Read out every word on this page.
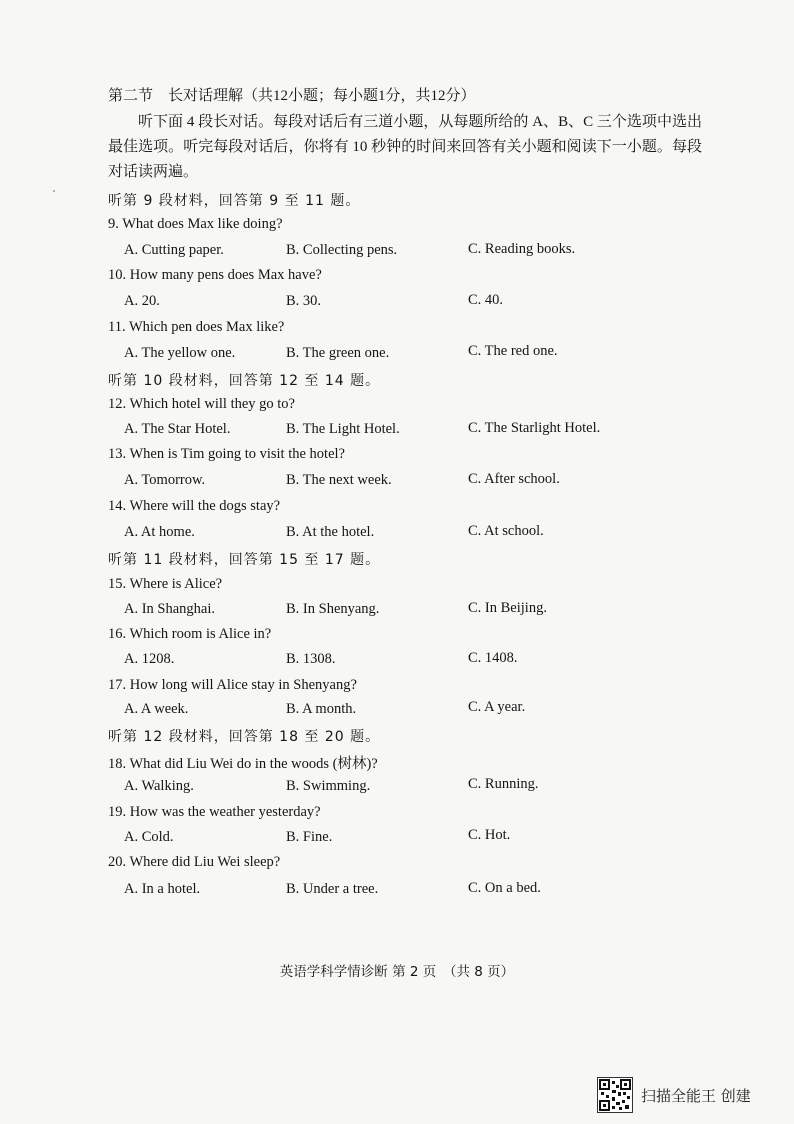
第二节　长对话理解（共12小题；每小题1分，共12分）
听下面 4 段长对话。每段对话后有三道小题，从每题所给的 A、B、C 三个选项中选出最佳选项。听完每段对话后，你将有 10 秒钟的时间来回答有关小题和阅读下一小题。每段对话读两遍。
听第 9 段材料，回答第 9 至 11 题。
9. What does Max like doing?
A. Cutting paper.	B. Collecting pens.	C. Reading books.
10. How many pens does Max have?
A. 20.	B. 30.	C. 40.
11. Which pen does Max like?
A. The yellow one.	B. The green one.	C. The red one.
听第 10 段材料，回答第 12 至 14 题。
12. Which hotel will they go to?
A. The Star Hotel.	B. The Light Hotel.	C. The Starlight Hotel.
13. When is Tim going to visit the hotel?
A. Tomorrow.	B. The next week.	C. After school.
14. Where will the dogs stay?
A. At home.	B. At the hotel.	C. At school.
听第 11 段材料，回答第 15 至 17 题。
15. Where is Alice?
A. In Shanghai.	B. In Shenyang.	C. In Beijing.
16. Which room is Alice in?
A. 1208.	B. 1308.	C. 1408.
17. How long will Alice stay in Shenyang?
A. A week.	B. A month.	C. A year.
听第 12 段材料，回答第 18 至 20 题。
18. What did Liu Wei do in the woods (树林)?
A. Walking.	B. Swimming.	C. Running.
19. How was the weather yesterday?
A. Cold.	B. Fine.	C. Hot.
20. Where did Liu Wei sleep?
A. In a hotel.	B. Under a tree.	C. On a bed.
英语学科学情诊断 第 2 页　（共 8 页）
扫描全能王 创建
